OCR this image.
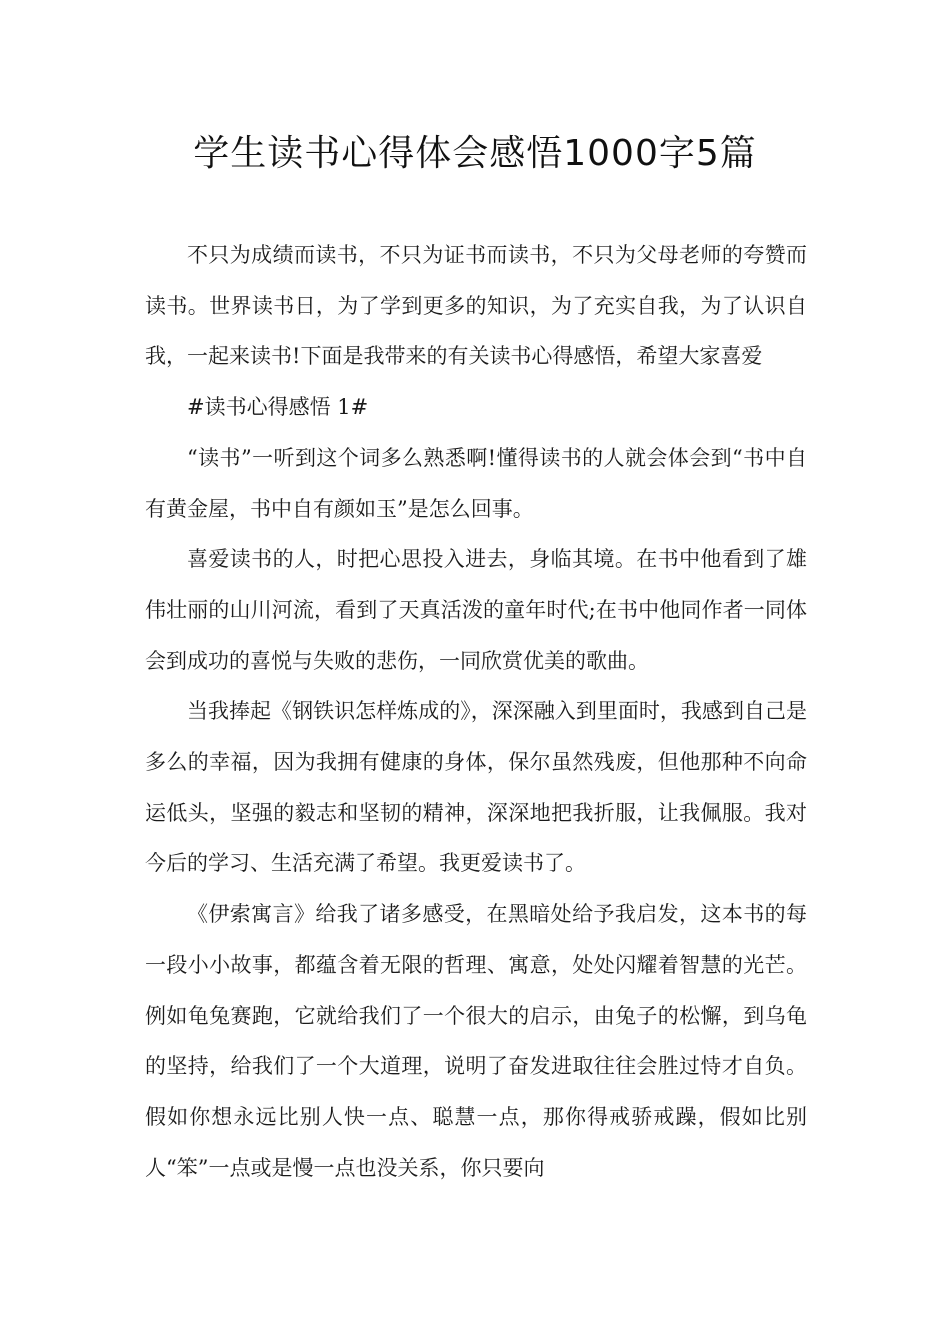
学生读书心得体会感悟1000字5篇

不只为成绩而读书，不只为证书而读书，不只为父母老师的夸赞而读书。世界读书日，为了学到更多的知识，为了充实自我，为了认识自我，一起来读书!下面是我带来的有关读书心得感悟，希望大家喜爱

#读书心得感悟 1#

“读书”一听到这个词多么熟悉啊!懂得读书的人就会体会到“书中自有黄金屋，书中自有颜如玉”是怎么回事。

喜爱读书的人，时把心思投入进去，身临其境。在书中他看到了雄伟壮丽的山川河流，看到了天真活泼的童年时代;在书中他同作者一同体会到成功的喜悦与失败的悲伤，一同欣赏优美的歌曲。

当我捧起《钢铁识怎样炼成的》，深深融入到里面时，我感到自己是多么的幸福，因为我拥有健康的身体，保尔虽然残废，但他那种不向命运低头，坚强的毅志和坚韧的精神，深深地把我折服，让我佩服。我对今后的学习、生活充满了希望。我更爱读书了。

《伊索寓言》给我了诸多感受，在黑暗处给予我启发，这本书的每一段小小故事，都蕴含着无限的哲理、寓意，处处闪耀着智慧的光芒。例如龟兔赛跑，它就给我们了一个很大的启示，由兔子的松懈，到乌龟的坚持，给我们了一个大道理，说明了奋发进取往往会胜过恃才自负。假如你想永远比别人快一点、聪慧一点，那你得戒骄戒躁，假如比别人“笨”一点或是慢一点也没关系，你只要向
